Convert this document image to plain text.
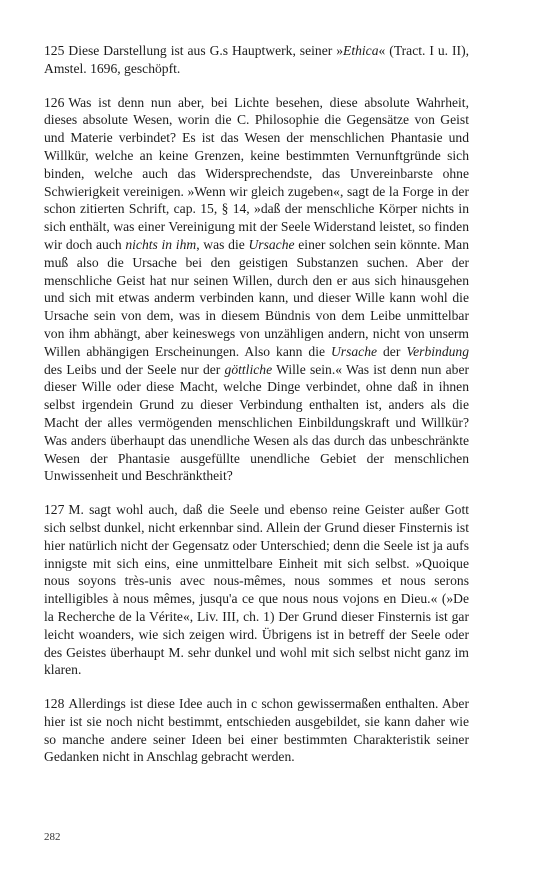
125 Diese Darstellung ist aus G.s Hauptwerk, seiner »Ethica« (Tract. I u. II), Amstel. 1696, geschöpft.

126 Was ist denn nun aber, bei Lichte besehen, diese absolute Wahrheit, dieses absolute Wesen, worin die C. Philosophie die Gegensätze von Geist und Materie verbindet? Es ist das Wesen der menschlichen Phantasie und Willkür, welche an keine Grenzen, keine bestimmten Vernunftgründe sich binden, welche auch das Widersprechendste, das Unvereinbarste ohne Schwierigkeit vereinigen. »Wenn wir gleich zugeben«, sagt de la Forge in der schon zitierten Schrift, cap. 15, § 14, »daß der menschliche Körper nichts in sich enthält, was einer Vereinigung mit der Seele Widerstand leistet, so finden wir doch auch nichts in ihm, was die Ursache einer solchen sein könnte. Man muß also die Ursache bei den geistigen Substanzen suchen. Aber der menschliche Geist hat nur seinen Willen, durch den er aus sich hinausgehen und sich mit etwas anderm verbinden kann, und dieser Wille kann wohl die Ursache sein von dem, was in diesem Bündnis von dem Leibe unmittelbar von ihm abhängt, aber keineswegs von unzähligen andern, nicht von unserm Willen abhängigen Erscheinungen. Also kann die Ursache der Verbindung des Leibs und der Seele nur der göttliche Wille sein.« Was ist denn nun aber dieser Wille oder diese Macht, welche Dinge verbindet, ohne daß in ihnen selbst irgendein Grund zu dieser Verbindung enthalten ist, anders als die Macht der alles vermögenden menschlichen Einbildungskraft und Willkür? Was anders überhaupt das unendliche Wesen als das durch das unbeschränkte Wesen der Phantasie ausgefüllte unendliche Gebiet der menschlichen Unwissenheit und Beschränktheit?

127 M. sagt wohl auch, daß die Seele und ebenso reine Geister außer Gott sich selbst dunkel, nicht erkennbar sind. Allein der Grund dieser Finsternis ist hier natürlich nicht der Gegensatz oder Unterschied; denn die Seele ist ja aufs innigste mit sich eins, eine unmittelbare Einheit mit sich selbst. »Quoique nous soyons très-unis avec nous-mêmes, nous sommes et nous serons intelligibles à nous mêmes, jusqu'a ce que nous nous vojons en Dieu.« (»De la Recherche de la Vérite«, Liv. III, ch. 1) Der Grund dieser Finsternis ist gar leicht woanders, wie sich zeigen wird. Übrigens ist in betreff der Seele oder des Geistes überhaupt M. sehr dunkel und wohl mit sich selbst nicht ganz im klaren.

128 Allerdings ist diese Idee auch in c schon gewissermaßen enthalten. Aber hier ist sie noch nicht bestimmt, entschieden ausgebildet, sie kann daher wie so manche andere seiner Ideen bei einer bestimmten Charakteristik seiner Gedanken nicht in Anschlag gebracht werden.

282
